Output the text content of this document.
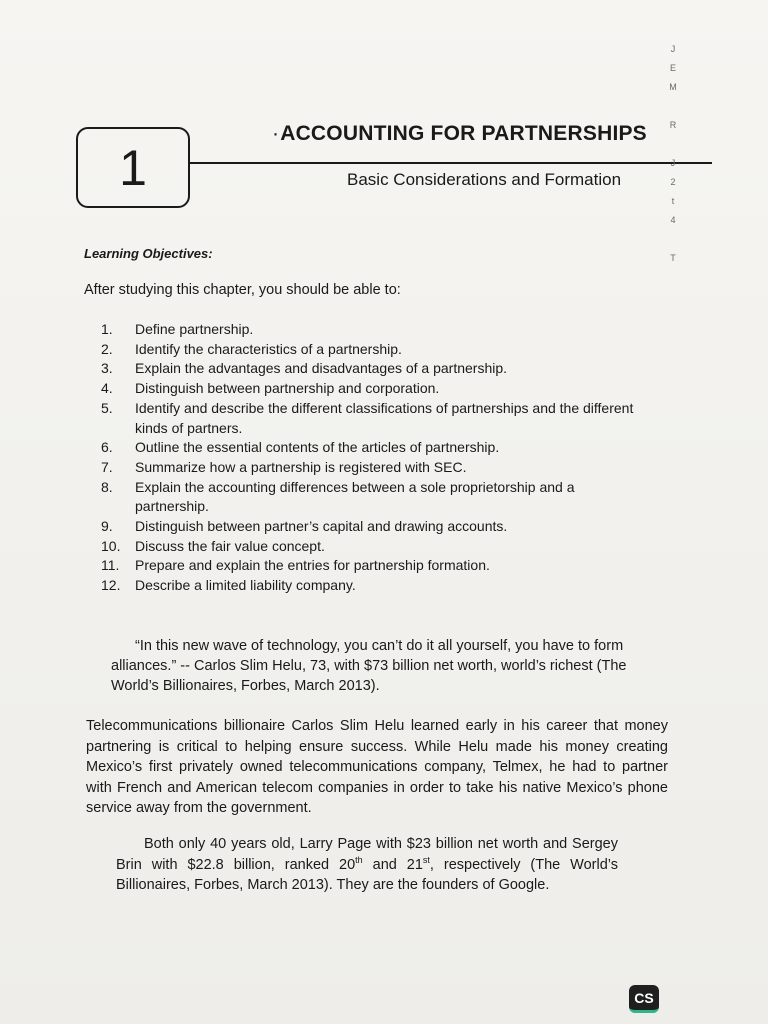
1
·ACCOUNTING FOR PARTNERSHIPS
Basic Considerations and Formation
Learning Objectives:
After studying this chapter, you should be able to:
1.	Define partnership.
2.	Identify the characteristics of a partnership.
3.	Explain the advantages and disadvantages of a partnership.
4.	Distinguish between partnership and corporation.
5.	Identify and describe the different classifications of partnerships and the different kinds of partners.
6.	Outline the essential contents of the articles of partnership.
7.	Summarize how a partnership is registered with SEC.
8.	Explain the accounting differences between a sole proprietorship and a partnership.
9.	Distinguish between partner’s capital and drawing accounts.
10.	Discuss the fair value concept.
11.	Prepare and explain the entries for partnership formation.
12.	Describe a limited liability company.

“In this new wave of technology, you can’t do it all yourself, you have to form alliances.” -- Carlos Slim Helu, 73, with $73 billion net worth, world’s richest (The World’s Billionaires, Forbes, March 2013).

Telecommunications billionaire Carlos Slim Helu learned early in his career that money partnering is critical to helping ensure success. While Helu made his money creating Mexico’s first privately owned telecommunications company, Telmex, he had to partner with French and American telecom companies in order to take his native Mexico’s phone service away from the government.
Both only 40 years old, Larry Page with $23 billion net worth and Sergey Brin with $22.8 billion, ranked 20th and 21st, respectively (The World’s Billionaires, Forbes, March 2013). They are the founders of Google.
J
E
M
R
J
2
t
4
T
CS
